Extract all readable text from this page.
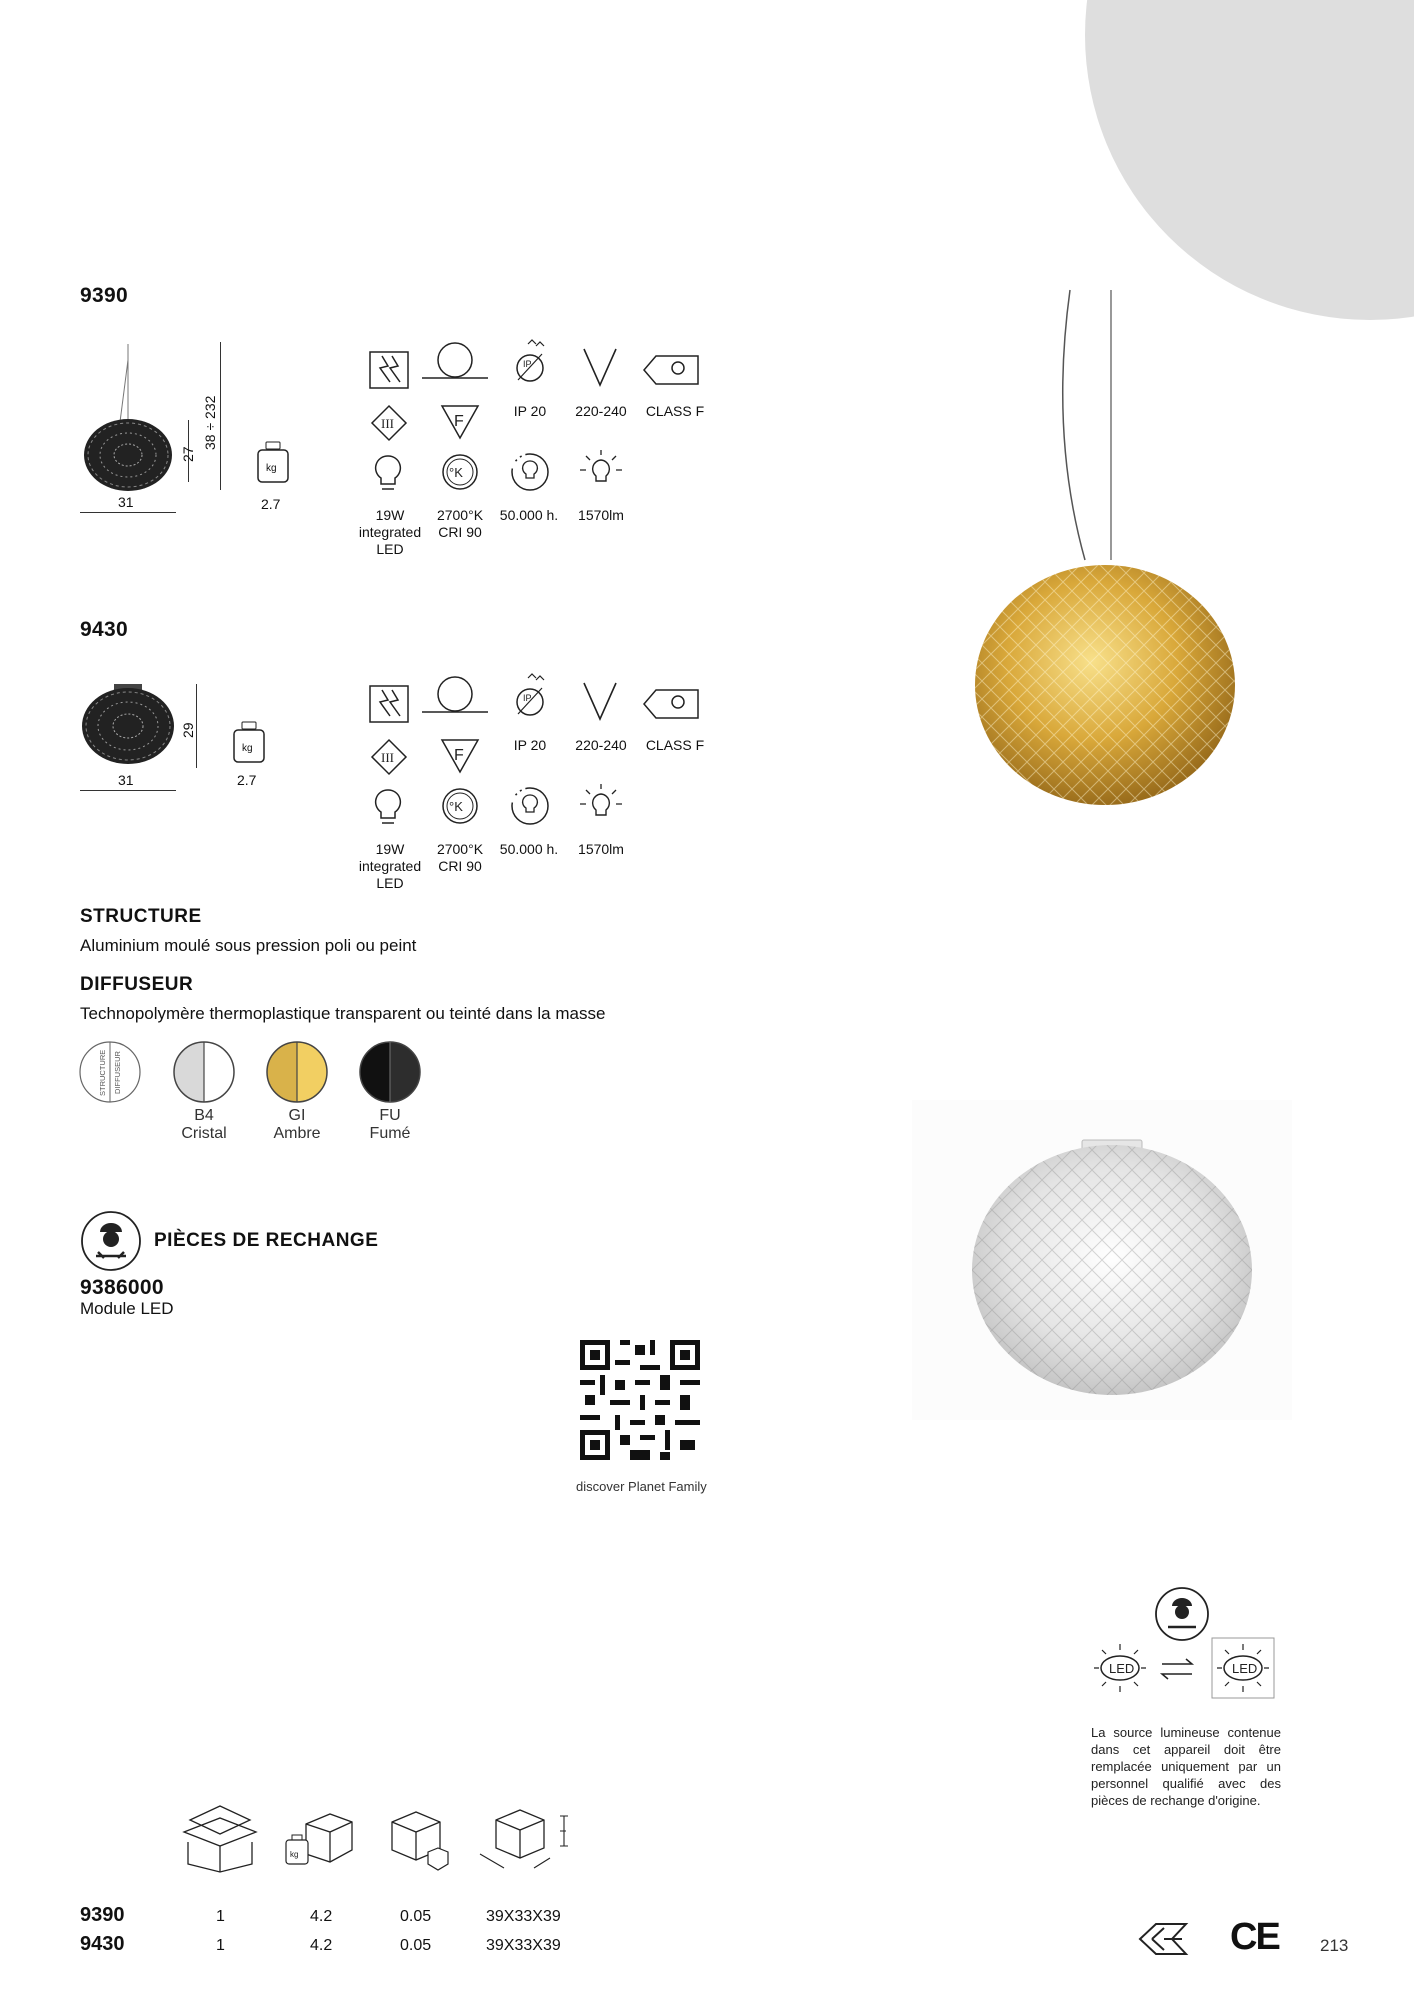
9390
31
27
38 ÷ 232
kg
2.7
IP
III	F
IP 20	220-240	CLASS F
°K
19W
integrated
LED
2700°K
CRI 90
50.000 h.	1570lm
9430
31
29
kg
2.7
IP
III	F
IP 20	220-240	CLASS F
°K
19W
integrated
LED
2700°K
CRI 90
50.000 h.	1570lm
STRUCTURE
Aluminium moulé sous pression poli ou peint
DIFFUSEUR
Technopolymère thermoplastique transparent ou teinté dans la masse
STRUCTURE DIFFUSEUR
B4
Cristal
GI
Ambre
FU
Fumé
PIÈCES DE RECHANGE
9386000
Module LED
discover Planet Family
LED	LED
La source lumineuse contenue dans cet appareil doit être remplacée uniquement par un personnel qualifié avec des pièces de rechange d'origine.
kg
9390	1	4.2	0.05	39X33X39
9430	1	4.2	0.05	39X33X39	CE 213
